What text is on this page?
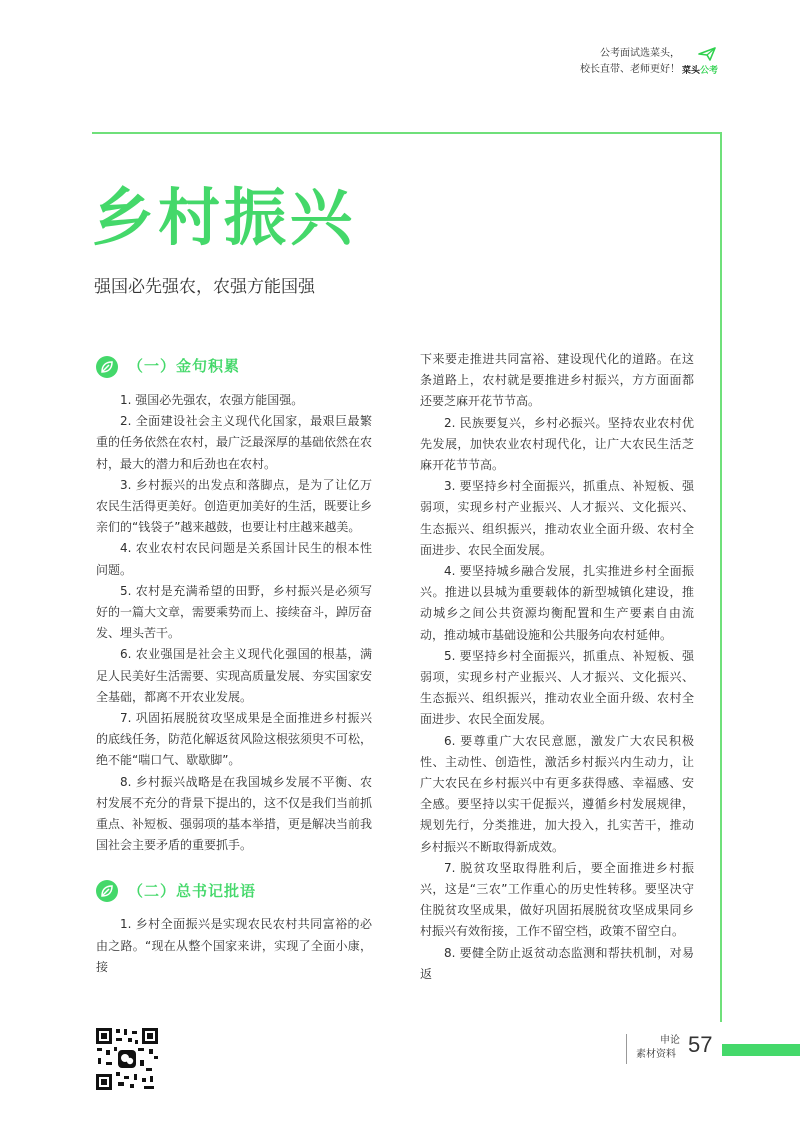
公考面试选菜头，
校长直带、老师更好！ 菜头公考
乡村振兴
强国必先强农，农强方能国强
（一）金句积累

1. 强国必先强农，农强方能国强。

2. 全面建设社会主义现代化国家，最艰巨最繁重的任务依然在农村，最广泛最深厚的基础依然在农村，最大的潜力和后劲也在农村。

3. 乡村振兴的出发点和落脚点，是为了让亿万农民生活得更美好。创造更加美好的生活，既要让乡亲们的“钱袋子”越来越鼓，也要让村庄越来越美。

4. 农业农村农民问题是关系国计民生的根本性问题。

5. 农村是充满希望的田野，乡村振兴是必须写好的一篇大文章，需要乘势而上、接续奋斗，踔厉奋发、埋头苦干。

6. 农业强国是社会主义现代化强国的根基，满足人民美好生活需要、实现高质量发展、夯实国家安全基础，都离不开农业发展。

7. 巩固拓展脱贫攻坚成果是全面推进乡村振兴的底线任务，防范化解返贫风险这根弦须臾不可松，绝不能“喘口气、歇歇脚”。

8. 乡村振兴战略是在我国城乡发展不平衡、农村发展不充分的背景下提出的，这不仅是我们当前抓重点、补短板、强弱项的基本举措，更是解决当前我国社会主要矛盾的重要抓手。

（二）总书记批语

1. 乡村全面振兴是实现农民农村共同富裕的必由之路。“现在从整个国家来讲，实现了全面小康，接

下来要走推进共同富裕、建设现代化的道路。在这条道路上，农村就是要推进乡村振兴，方方面面都还要芝麻开花节节高。

2. 民族要复兴，乡村必振兴。坚持农业农村优先发展，加快农业农村现代化，让广大农民生活芝麻开花节节高。

3. 要坚持乡村全面振兴，抓重点、补短板、强弱项，实现乡村产业振兴、人才振兴、文化振兴、生态振兴、组织振兴，推动农业全面升级、农村全面进步、农民全面发展。

4. 要坚持城乡融合发展，扎实推进乡村全面振兴。推进以县城为重要载体的新型城镇化建设，推动城乡之间公共资源均衡配置和生产要素自由流动，推动城市基础设施和公共服务向农村延伸。

5. 要坚持乡村全面振兴，抓重点、补短板、强弱项，实现乡村产业振兴、人才振兴、文化振兴、生态振兴、组织振兴，推动农业全面升级、农村全面进步、农民全面发展。

6. 要尊重广大农民意愿，激发广大农民积极性、主动性、创造性，激活乡村振兴内生动力，让广大农民在乡村振兴中有更多获得感、幸福感、安全感。要坚持以实干促振兴，遵循乡村发展规律，规划先行，分类推进，加大投入，扎实苦干，推动乡村振兴不断取得新成效。

7. 脱贫攻坚取得胜利后，要全面推进乡村振兴，这是“三农”工作重心的历史性转移。要坚决守住脱贫攻坚成果，做好巩固拓展脱贫攻坚成果同乡村振兴有效衔接，工作不留空档，政策不留空白。

8. 要健全防止返贫动态监测和帮扶机制，对易返

申论
素材资料 57
